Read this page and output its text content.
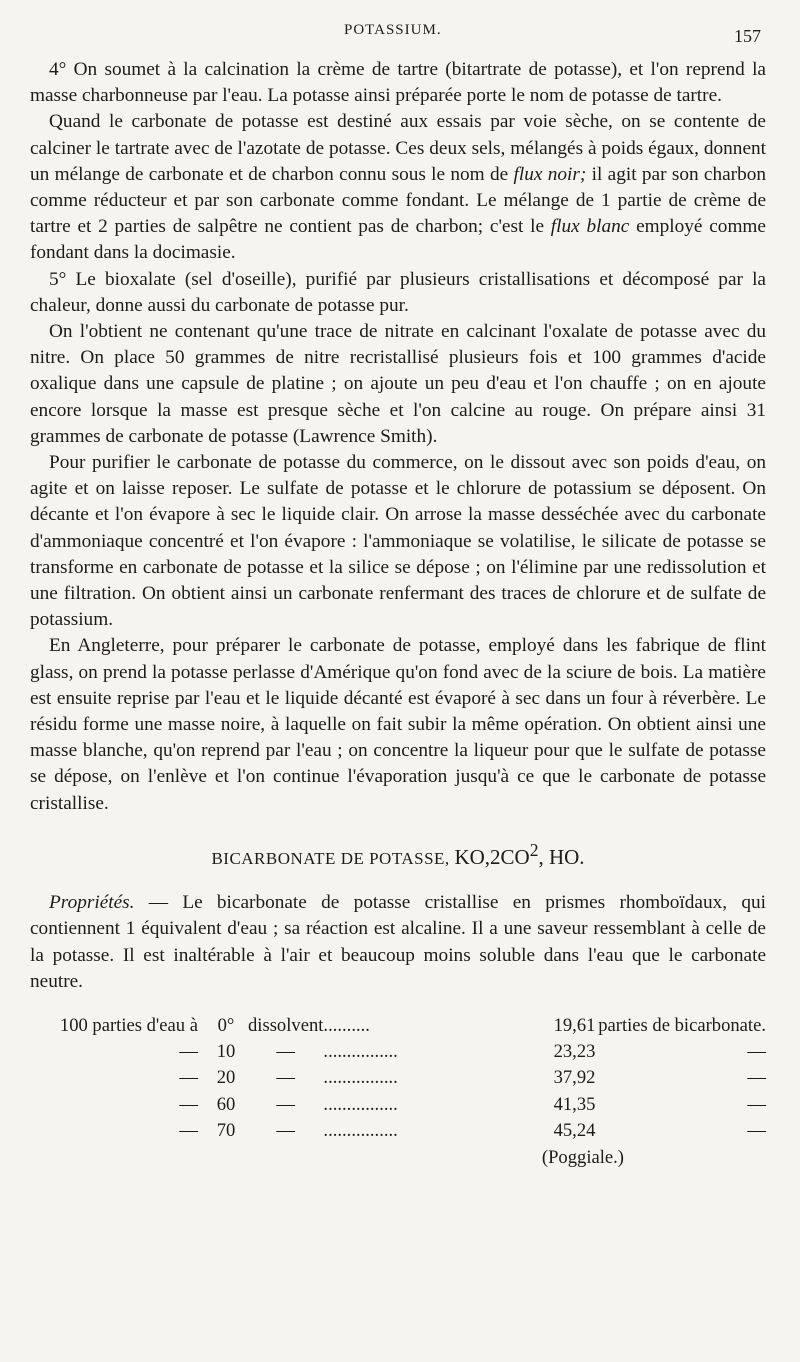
POTASSIUM.	157

4° On soumet à la calcination la crème de tartre (bitartrate de potasse), et l'on reprend la masse charbonneuse par l'eau. La potasse ainsi préparée porte le nom de potasse de tartre.

Quand le carbonate de potasse est destiné aux essais par voie sèche, on se contente de calciner le tartrate avec de l'azotate de potasse. Ces deux sels, mélangés à poids égaux, donnent un mélange de carbonate et de charbon connu sous le nom de flux noir; il agit par son charbon comme réducteur et par son carbonate comme fondant. Le mélange de 1 partie de crème de tartre et 2 parties de salpêtre ne contient pas de charbon; c'est le flux blanc employé comme fondant dans la docimasie.

5° Le bioxalate (sel d'oseille), purifié par plusieurs cristallisations et décomposé par la chaleur, donne aussi du carbonate de potasse pur.

On l'obtient ne contenant qu'une trace de nitrate en calcinant l'oxalate de potasse avec du nitre. On place 50 grammes de nitre recristallisé plusieurs fois et 100 grammes d'acide oxalique dans une capsule de platine ; on ajoute un peu d'eau et l'on chauffe ; on en ajoute encore lorsque la masse est presque sèche et l'on calcine au rouge. On prépare ainsi 31 grammes de carbonate de potasse (Lawrence Smith).

Pour purifier le carbonate de potasse du commerce, on le dissout avec son poids d'eau, on agite et on laisse reposer. Le sulfate de potasse et le chlorure de potassium se déposent. On décante et l'on évapore à sec le liquide clair. On arrose la masse desséchée avec du carbonate d'ammoniaque concentré et l'on évapore : l'ammoniaque se volatilise, le silicate de potasse se transforme en carbonate de potasse et la silice se dépose ; on l'élimine par une redissolution et une filtration. On obtient ainsi un carbonate renfermant des traces de chlorure et de sulfate de potassium.

En Angleterre, pour préparer le carbonate de potasse, employé dans les fabrique de flint glass, on prend la potasse perlasse d'Amérique qu'on fond avec de la sciure de bois. La matière est ensuite reprise par l'eau et le liquide décanté est évaporé à sec dans un four à réverbère. Le résidu forme une masse noire, à laquelle on fait subir la même opération. On obtient ainsi une masse blanche, qu'on reprend par l'eau ; on concentre la liqueur pour que le sulfate de potasse se dépose, on l'enlève et l'on continue l'évaporation jusqu'à ce que le carbonate de potasse cristallise.

BICARBONATE DE POTASSE, $KO,2CO^2$, HO.

Propriétés. — Le bicarbonate de potasse cristallise en prismes rhomboïdaux, qui contiennent 1 équivalent d'eau ; sa réaction est alcaline. Il a une saveur ressemblant à celle de la potasse. Il est inaltérable à l'air et beaucoup moins soluble dans l'eau que le carbonate neutre.

100 parties d'eau à	0°	dissolvent	..........	19,61	parties de bicarbonate.
—	10	—	................	23,23	—
—	20	—	................	37,92	—
—	60	—	................	41,35	—
—	70	—	................	45,24	—
(Poggiale.)
